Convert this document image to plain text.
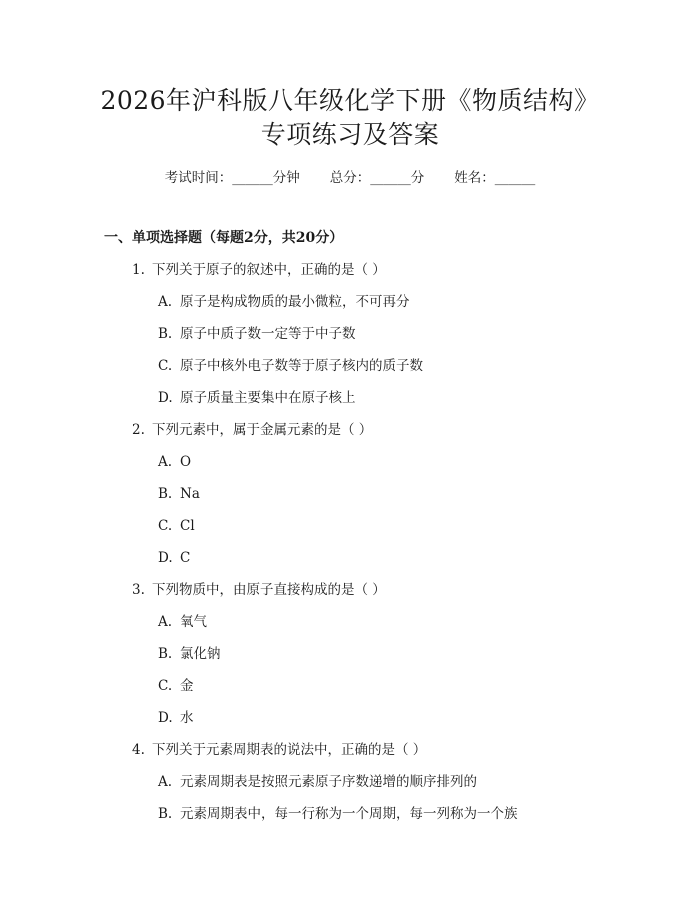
2026年沪科版八年级化学下册《物质结构》
专项练习及答案
考试时间：______分钟 总分：______分 姓名：______
一、单项选择题（每题2分，共20分）
1. 下列关于原子的叙述中，正确的是（ ）
A. 原子是构成物质的最小微粒，不可再分
B. 原子中质子数一定等于中子数
C. 原子中核外电子数等于原子核内的质子数
D. 原子质量主要集中在原子核上
2. 下列元素中，属于金属元素的是（ ）
A. O
B. Na
C. Cl
D. C
3. 下列物质中，由原子直接构成的是（ ）
A. 氧气
B. 氯化钠
C. 金
D. 水
4. 下列关于元素周期表的说法中，正确的是（ ）
A. 元素周期表是按照元素原子序数递增的顺序排列的
B. 元素周期表中，每一行称为一个周期，每一列称为一个族
